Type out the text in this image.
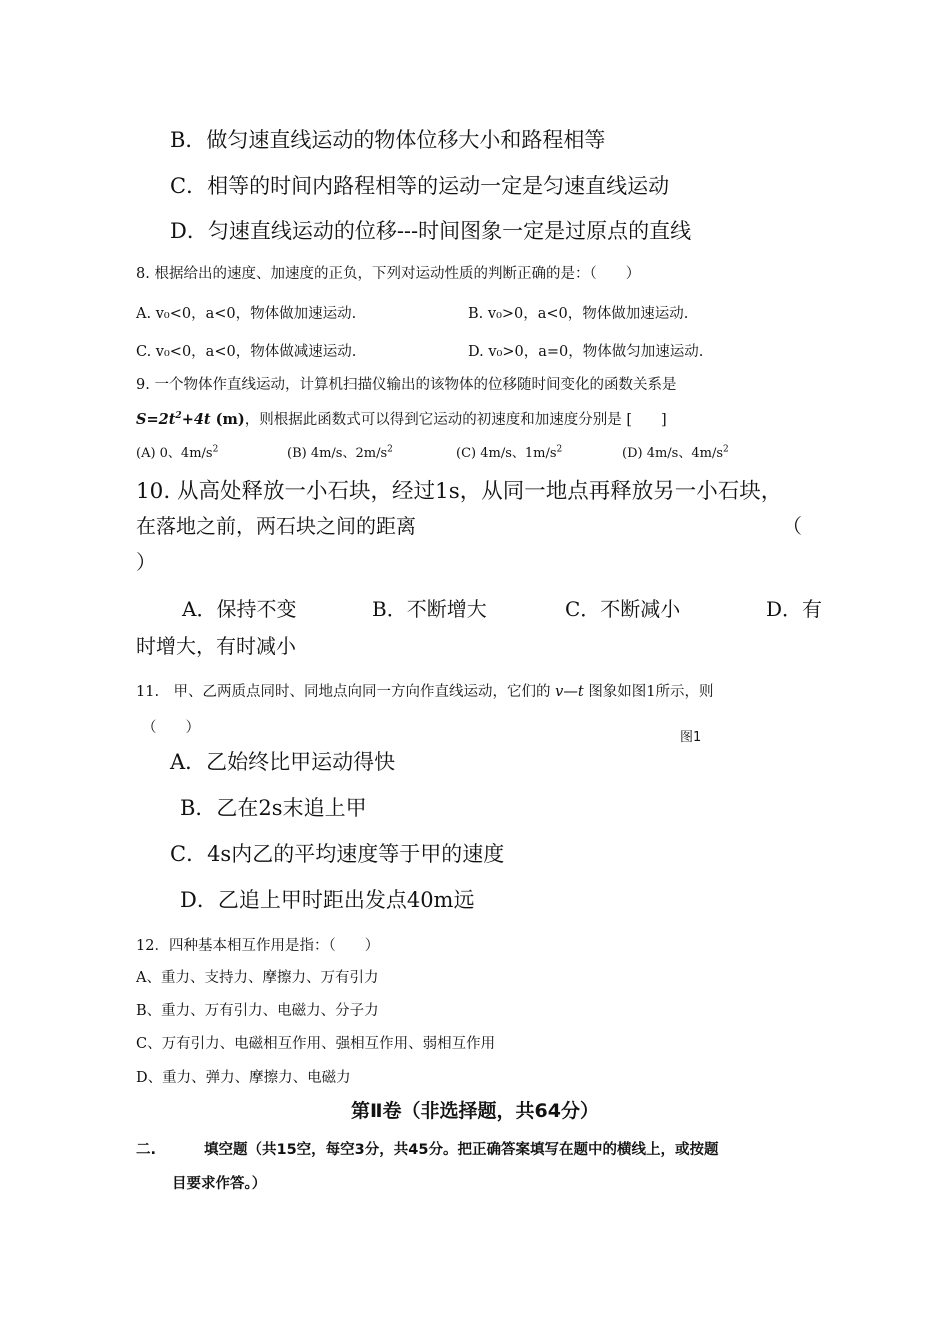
B．做匀速直线运动的物体位移大小和路程相等
C．相等的时间内路程相等的运动一定是匀速直线运动
D．匀速直线运动的位移---时间图象一定是过原点的直线
8. 根据给出的速度、加速度的正负，下列对运动性质的判断正确的是：（　　）
A. v₀<0，a<0，物体做加速运动.	B. v₀>0，a<0，物体做加速运动.
C. v₀<0，a<0，物体做减速运动.	D. v₀>0，a=0，物体做匀加速运动.
9. 一个物体作直线运动，计算机扫描仪输出的该物体的位移随时间变化的函数关系是
$S=2t^2+4t$ (m)，则根据此函数式可以得到它运动的初速度和加速度分别是 [　　]
(A) 0、$4m/s^2$	(B) 4m/s、$2m/s^2$	(C) 4m/s、$1m/s^2$	(D) 4m/s、$4m/s^2$
10. 从高处释放一小石块，经过1s，从同一地点再释放另一小石块，
在落地之前，两石块之间的距离	（
）
A．保持不变	B．不断增大	C．不断减小	D．有
时增大，有时减小
11.　甲、乙两质点同时、同地点向同一方向作直线运动，它们的 v—t 图象如图1所示，则
（　　）
图1
A．乙始终比甲运动得快
B．乙在2s末追上甲
C．4s内乙的平均速度等于甲的速度
D．乙追上甲时距出发点40m远
12．四种基本相互作用是指：（　　）
A、重力、支持力、摩擦力、万有引力
B、重力、万有引力、电磁力、分子力
C、万有引力、电磁相互作用、强相互作用、弱相互作用
D、重力、弹力、摩擦力、电磁力
第Ⅱ卷（非选择题，共64分）
二.	填空题（共15空，每空3分，共45分。把正确答案填写在题中的横线上，或按题
目要求作答。）
